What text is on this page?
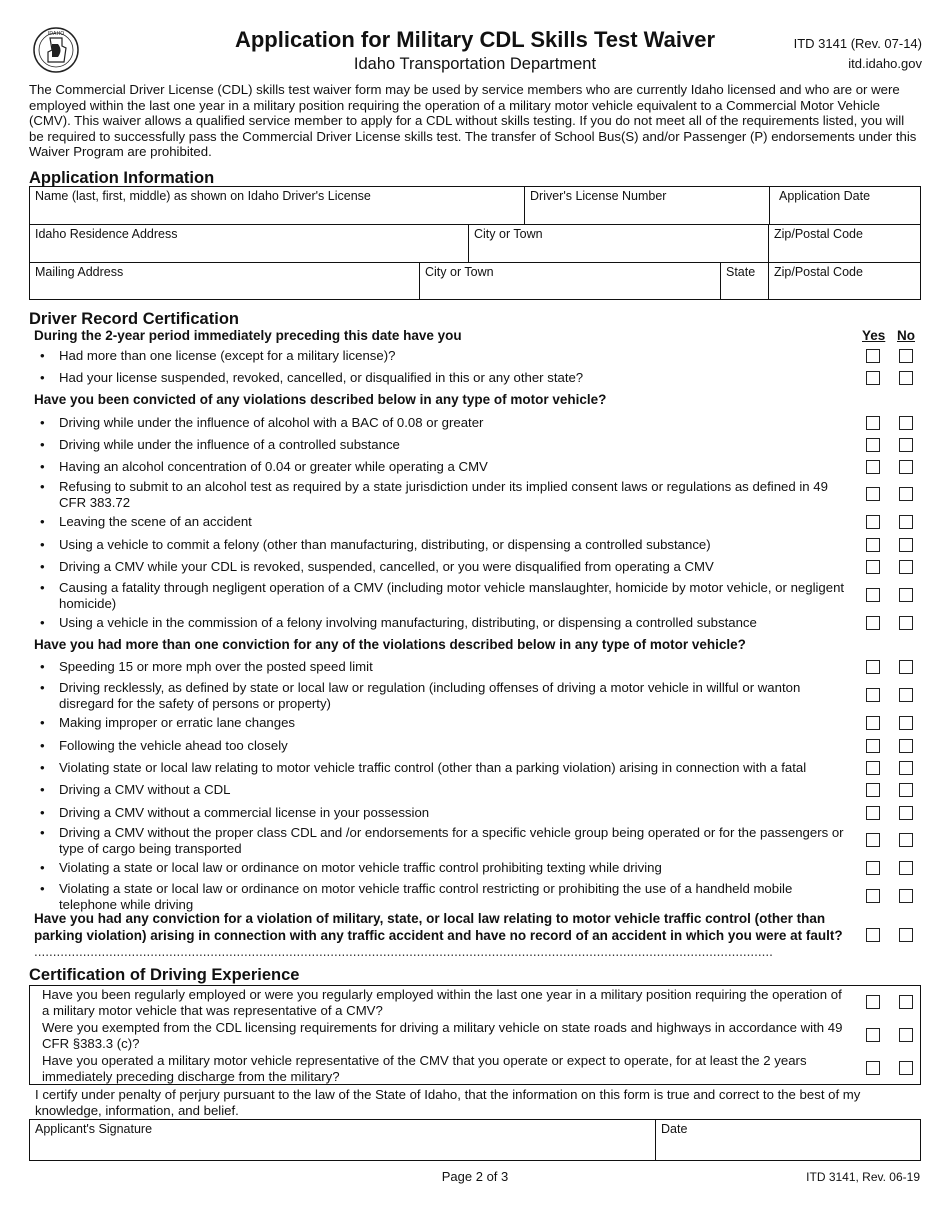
IDAHO	Application for Military CDL Skills Test Waiver
Idaho Transportation Department
ITD 3141 (Rev. 07-14)
itd.idaho.gov
The Commercial Driver License (CDL) skills test waiver form may be used by service members who are currently Idaho licensed and who are or were employed within the last one year in a military position requiring the operation of a military motor vehicle equivalent to a Commercial Motor Vehicle (CMV). This waiver allows a qualified service member to apply for a CDL without skills testing. If you do not meet all of the requirements listed, you will be required to successfully pass the Commercial Driver License skills test. The transfer of School Bus(S) and/or Passenger (P) endorsements under this Waiver Program are prohibited.
Application Information
Name (last, first, middle) as shown on Idaho Driver's License	Driver's License Number	Application Date
Idaho Residence Address	City or Town	Zip/Postal Code
Mailing Address	City or Town	State	Zip/Postal Code
Driver Record Certification
During the 2-year period immediately preceding this date have you	Yes No
• Had more than one license (except for a military license)?
• Had your license suspended, revoked, cancelled, or disqualified in this or any other state?
Have you been convicted of any violations described below in any type of motor vehicle?
• Driving while under the influence of alcohol with a BAC of 0.08 or greater
• Driving while under the influence of a controlled substance
• Having an alcohol concentration of 0.04 or greater while operating a CMV
• Refusing to submit to an alcohol test as required by a state jurisdiction under its implied consent laws or regulations as defined in 49 CFR 383.72
• Leaving the scene of an accident
• Using a vehicle to commit a felony (other than manufacturing, distributing, or dispensing a controlled substance)
• Driving a CMV while your CDL is revoked, suspended, cancelled, or you were disqualified from operating a CMV
• Causing a fatality through negligent operation of a CMV (including motor vehicle manslaughter, homicide by motor vehicle, or negligent homicide)
• Using a vehicle in the commission of a felony involving manufacturing, distributing, or dispensing a controlled substance
Have you had more than one conviction for any of the violations described below in any type of motor vehicle?
• Speeding 15 or more mph over the posted speed limit
• Driving recklessly, as defined by state or local law or regulation (including offenses of driving a motor vehicle in willful or wanton disregard for the safety of persons or property)
• Making improper or erratic lane changes
• Following the vehicle ahead too closely
• Violating state or local law relating to motor vehicle traffic control (other than a parking violation) arising in connection with a fatal
• Driving a CMV without a CDL
• Driving a CMV without a commercial license in your possession
• Driving a CMV without the proper class CDL and /or endorsements for a specific vehicle group being operated or for the passengers or type of cargo being transported
• Violating a state or local law or ordinance on motor vehicle traffic control prohibiting texting while driving
• Violating a state or local law or ordinance on motor vehicle traffic control restricting or prohibiting the use of a handheld mobile telephone while driving
Have you had any conviction for a violation of military, state, or local law relating to motor vehicle traffic control (other than parking violation) arising in connection with any traffic accident and have no record of an accident in which you were at fault? .....................................................................................................................................................................................................
Certification of Driving Experience
Have you been regularly employed or were you regularly employed within the last one year in a military position requiring the operation of a military motor vehicle that was representative of a CMV?
Were you exempted from the CDL licensing requirements for driving a military vehicle on state roads and highways in accordance with 49 CFR §383.3 (c)?
Have you operated a military motor vehicle representative of the CMV that you operate or expect to operate, for at least the 2 years immediately preceding discharge from the military?
I certify under penalty of perjury pursuant to the law of the State of Idaho, that the information on this form is true and correct to the best of my knowledge, information, and belief.
Applicant's Signature	Date
Page 2 of 3	ITD 3141, Rev. 06-19
